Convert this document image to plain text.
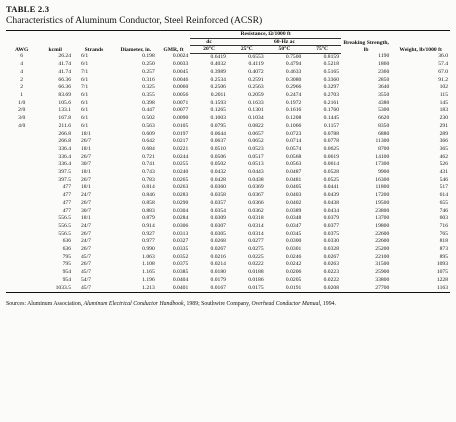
TABLE 2.3

Characteristics of Aluminum Conductor, Steel Reinforced (ACSR)

AWG	kcmil	Strands	Diameter, in.	GMR, ft	Resistance, Ω/1000 ft				Breaking Strength, lb	Weight, lb/1000 ft
					dc	60-Hz ac				
					20°C	25°C	50°C	75°C		
6	26.24	6/1	0.198	0.0024	0.6419	0.6553	0.7500	0.8159	1190	36.0
4	41.74	6/1	0.250	0.0033	0.4032	0.4119	0.4794	0.5218	1860	57.4
4	41.74	7/1	0.257	0.0045	0.3989	0.4072	0.4633	0.5165	2360	67.0
2	66.36	6/1	0.316	0.0046	0.2534	0.2591	0.3080	0.3360	2850	91.2
2	66.36	7/1	0.325	0.0060	0.2506	0.2563	0.2966	0.3297	3640	102
1	83.69	6/1	0.355	0.0056	0.2011	0.2059	0.2474	0.2703	3550	115
1/0	105.6	6/1	0.398	0.0071	0.1593	0.1633	0.1972	0.2161	4380	145
2/0	133.1	6/1	0.447	0.0077	0.1265	0.1301	0.1616	0.1760	5300	183
3/0	167.8	6/1	0.502	0.0090	0.1003	0.1034	0.1208	0.1445	6620	230
4/0	211.6	6/1	0.563	0.0105	0.0795	0.0822	0.1066	0.1157	8350	291
	266.8	18/1	0.609	0.0197	0.0644	0.0657	0.0723	0.0788	6880	289
	266.8	26/7	0.642	0.0217	0.0637	0.0652	0.0714	0.0778	11300	366
	336.4	18/1	0.684	0.0221	0.0510	0.0523	0.0574	0.0625	8700	365
	336.4	26/7	0.721	0.0244	0.0506	0.0517	0.0568	0.0619	14100	462
	336.4	30/7	0.741	0.0255	0.0502	0.0513	0.0563	0.0614	17300	526
	397.5	18/1	0.743	0.0240	0.0432	0.0443	0.0487	0.0528	9900	431
	397.5	26/7	0.783	0.0265	0.0428	0.0438	0.0481	0.0525	16300	546
	477	18/1	0.814	0.0263	0.0360	0.0369	0.0405	0.0441	11800	517
	477	24/7	0.846	0.0283	0.0358	0.0367	0.0403	0.0439	17200	614
	477	26/7	0.858	0.0290	0.0357	0.0366	0.0402	0.0438	19500	655
	477	30/7	0.883	0.0304	0.0354	0.0362	0.0389	0.0434	23800	746
	556.5	18/1	0.879	0.0284	0.0309	0.0318	0.0348	0.0379	13700	603
	556.5	24/7	0.914	0.0306	0.0307	0.0314	0.0347	0.0377	19800	716
	556.5	26/7	0.927	0.0313	0.0305	0.0314	0.0345	0.0375	22600	765
	636	24/7	0.977	0.0327	0.0268	0.0277	0.0300	0.0330	22600	818
	636	26/7	0.990	0.0335	0.0267	0.0275	0.0301	0.0328	25200	873
	795	45/7	1.063	0.0352	0.0216	0.0225	0.0246	0.0267	22100	895
	795	26/7	1.108	0.0375	0.0214	0.0222	0.0242	0.0263	31500	1093
	954	45/7	1.165	0.0385	0.0180	0.0188	0.0206	0.0223	25900	1075
	954	54/7	1.196	0.0404	0.0179	0.0186	0.0205	0.0222	33800	1228
	1033.5	45/7	1.213	0.0401	0.0167	0.0175	0.0191	0.0208	27700	1163
Sources: Aluminum Association, Aluminum Electrical Conductor Handbook, 1989; Southwire Company, Overhead Conductor Manual, 1994.
